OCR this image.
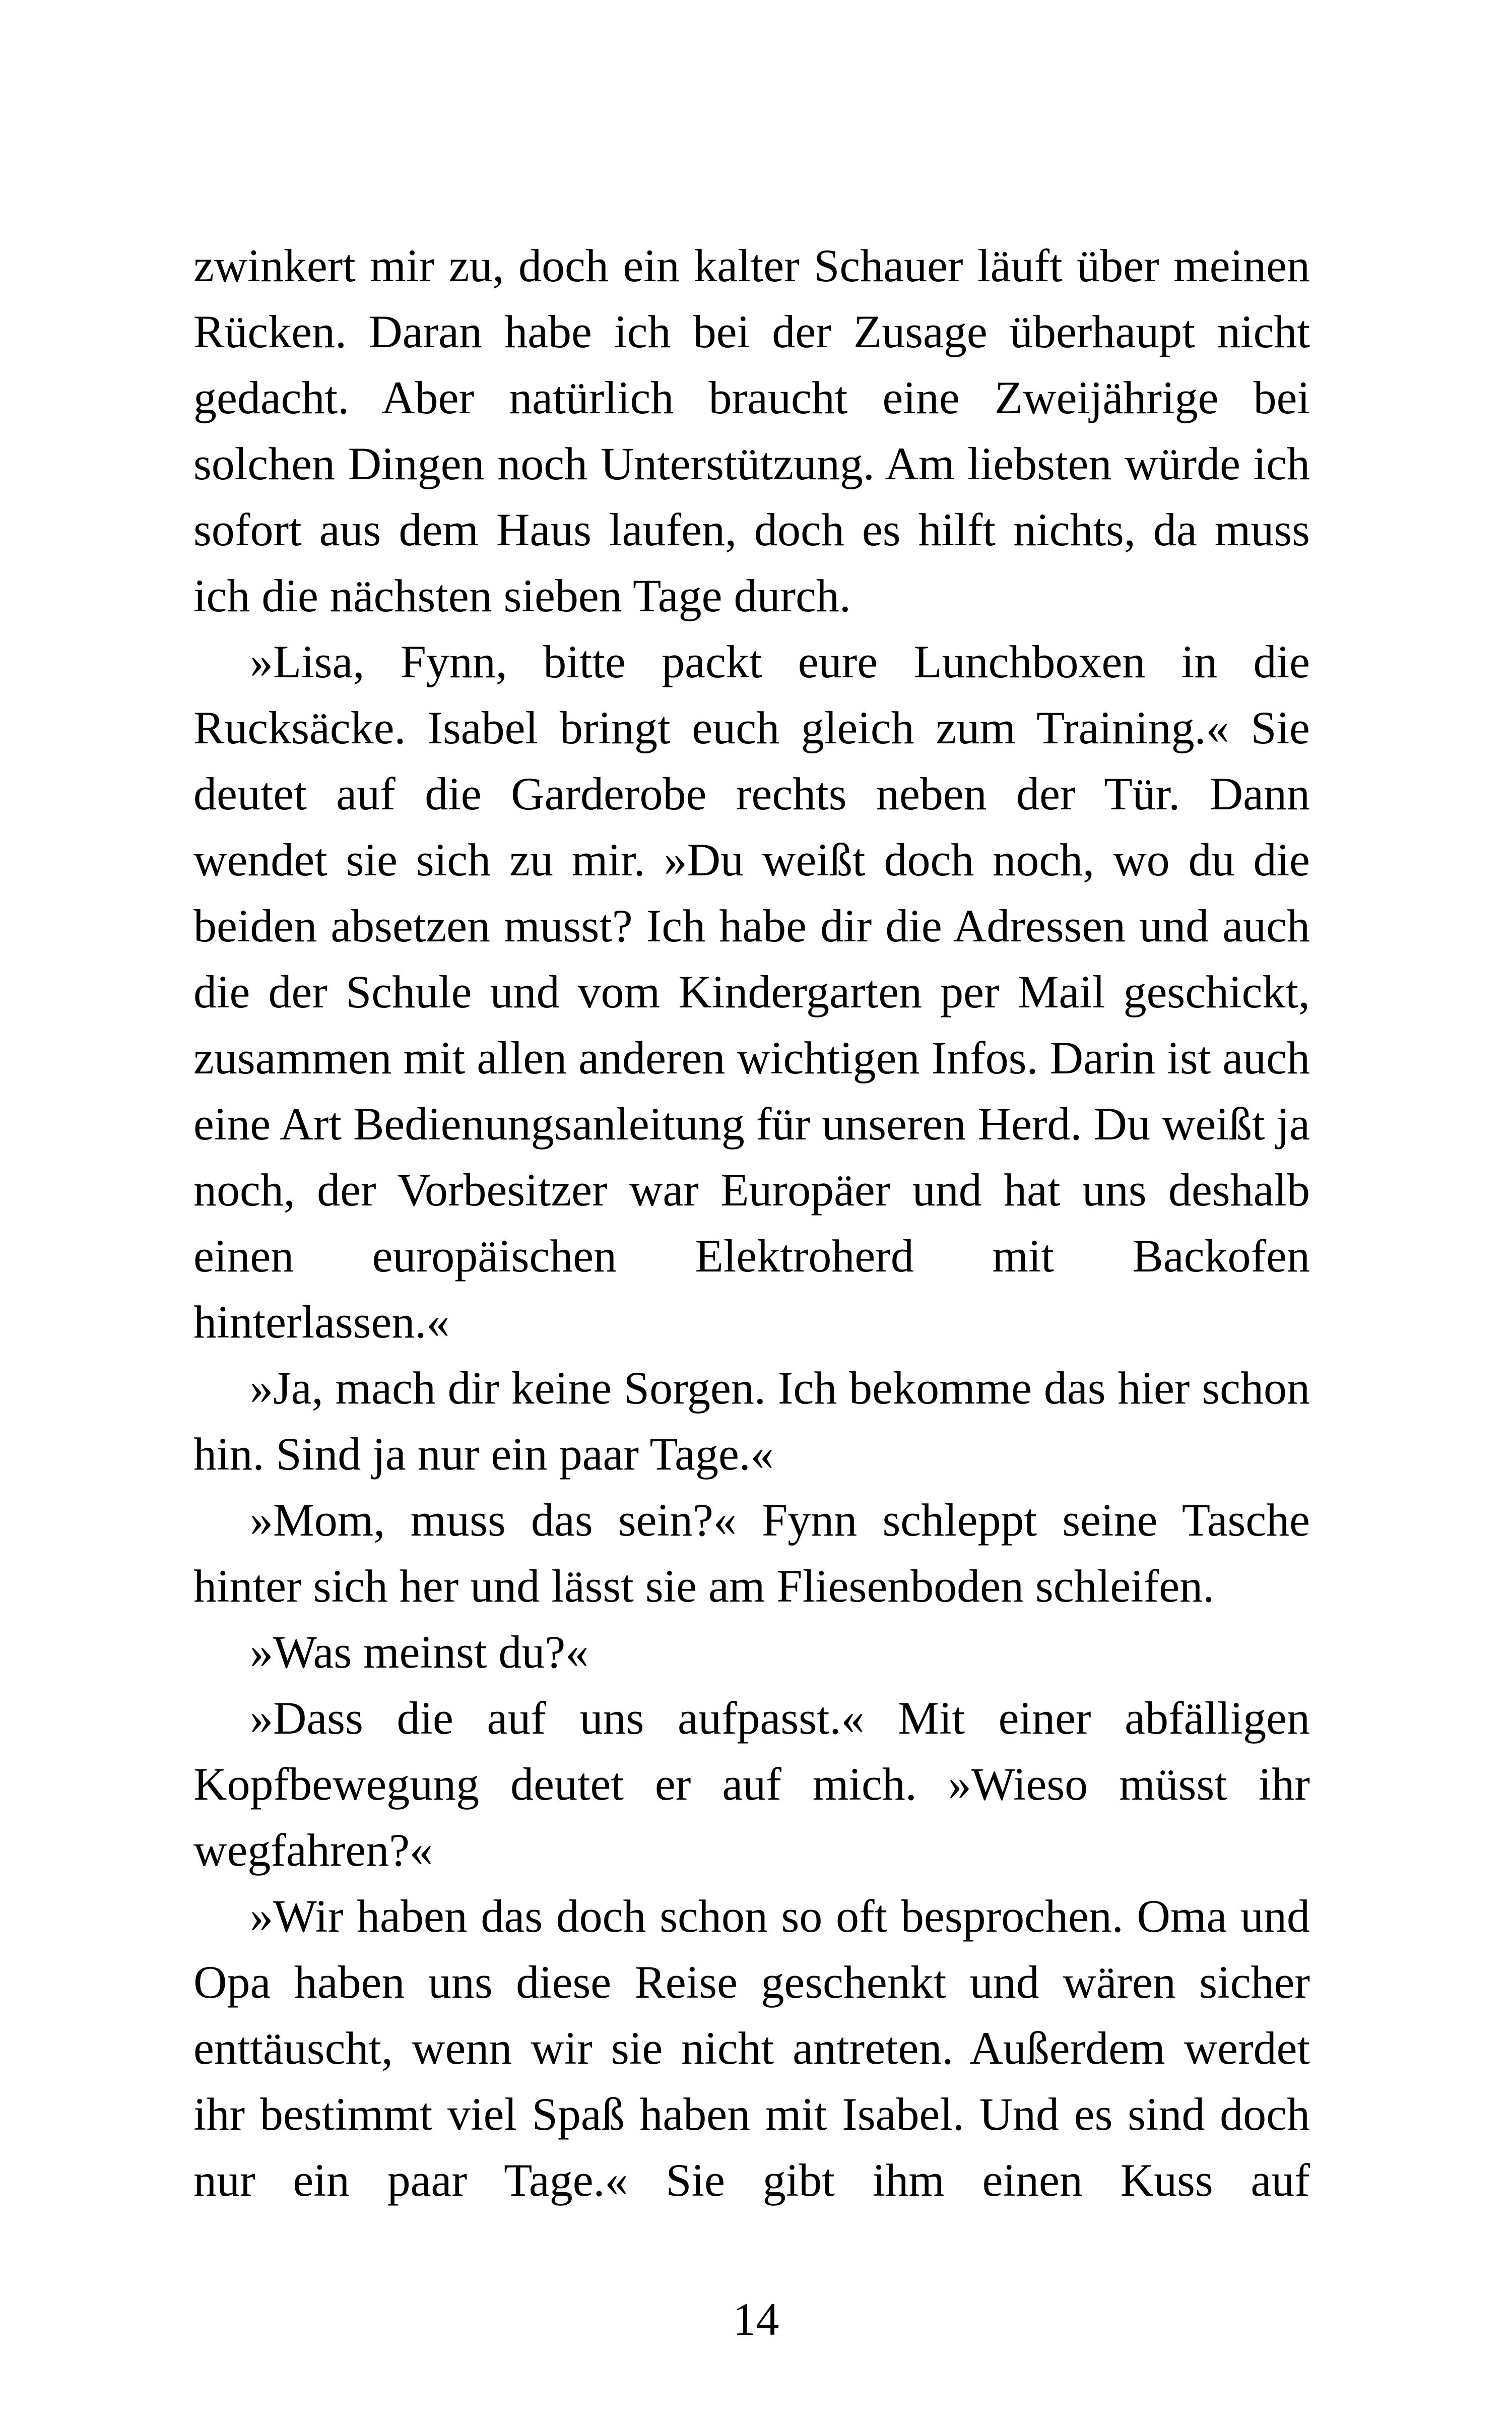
zwinkert mir zu, doch ein kalter Schauer läuft über meinen Rücken. Daran habe ich bei der Zusage überhaupt nicht gedacht. Aber natürlich braucht eine Zweijährige bei solchen Dingen noch Unterstützung. Am liebsten würde ich sofort aus dem Haus laufen, doch es hilft nichts, da muss ich die nächsten sieben Tage durch.

»Lisa, Fynn, bitte packt eure Lunchboxen in die Rucksäcke. Isabel bringt euch gleich zum Training.« Sie deutet auf die Garderobe rechts neben der Tür. Dann wendet sie sich zu mir. »Du weißt doch noch, wo du die beiden absetzen musst? Ich habe dir die Adressen und auch die der Schule und vom Kindergarten per Mail geschickt, zusammen mit allen anderen wichtigen Infos. Darin ist auch eine Art Bedienungsanleitung für unseren Herd. Du weißt ja noch, der Vorbesitzer war Europäer und hat uns deshalb einen europäischen Elektroherd mit Backofen hinterlassen.«

»Ja, mach dir keine Sorgen. Ich bekomme das hier schon hin. Sind ja nur ein paar Tage.«

»Mom, muss das sein?« Fynn schleppt seine Tasche hinter sich her und lässt sie am Fliesenboden schleifen.

»Was meinst du?«

»Dass die auf uns aufpasst.« Mit einer abfälligen Kopfbewegung deutet er auf mich. »Wieso müsst ihr wegfahren?«

»Wir haben das doch schon so oft besprochen. Oma und Opa haben uns diese Reise geschenkt und wären sicher enttäuscht, wenn wir sie nicht antreten. Außerdem werdet ihr bestimmt viel Spaß haben mit Isabel. Und es sind doch nur ein paar Tage.« Sie gibt ihm einen Kuss auf

14
